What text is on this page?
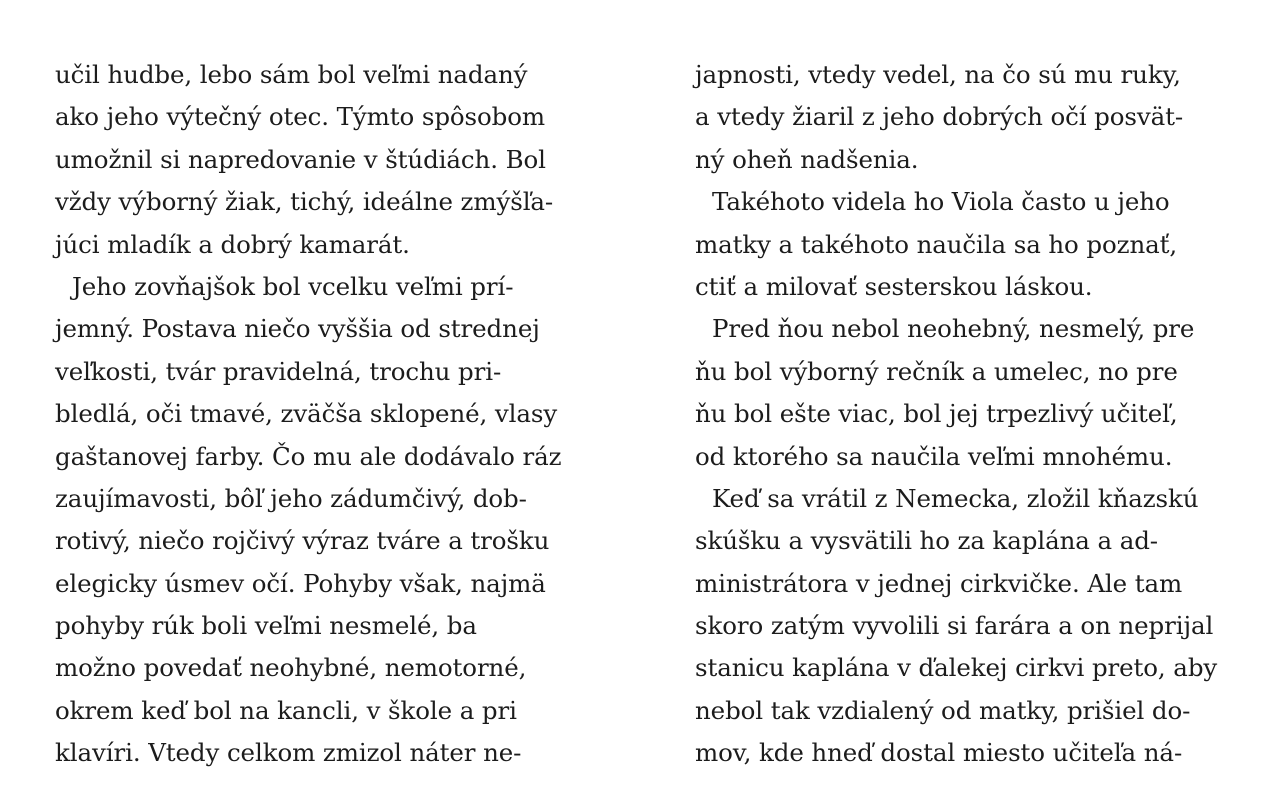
učil hudbe, lebo sám bol veľmi nadaný
ako jeho výtečný otec. Týmto spôsobom
umožnil si napredovanie v štúdiách. Bol
vždy výborný žiak, tichý, ideálne zmýšľa-
júci mladík a dobrý kamarát.
Jeho zovňajšok bol vcelku veľmi prí-
jemný. Postava niečo vyššia od strednej
veľkosti, tvár pravidelná, trochu pri-
bledlá, oči tmavé, zväčša sklopené, vlasy
gaštanovej farby. Čo mu ale dodávalo ráz
zaujímavosti, bôľ jeho zádumčivý, dob-
rotivý, niečo rojčivý výraz tváre a trošku
elegicky úsmev očí. Pohyby však, najmä
pohyby rúk boli veľmi nesmelé, ba
možno povedať neohybné, nemotorné,
okrem keď bol na kancli, v škole a pri
klavíri. Vtedy celkom zmizol náter ne-
japnosti, vtedy vedel, na čo sú mu ruky,
a vtedy žiaril z jeho dobrých očí posvät-
ný oheň nadšenia.
Takéhoto videla ho Viola často u jeho
matky a takéhoto naučila sa ho poznať,
ctiť a milovať sesterskou láskou.
Pred ňou nebol neohebný, nesmelý, pre
ňu bol výborný rečník a umelec, no pre
ňu bol ešte viac, bol jej trpezlivý učiteľ,
od ktorého sa naučila veľmi mnohému.
Keď sa vrátil z Nemecka, zložil kňazskú
skúšku a vysvätili ho za kaplána a ad-
ministrátora v jednej cirkvičke. Ale tam
skoro zatým vyvolili si farára a on neprijal
stanicu kaplána v ďalekej cirkvi preto, aby
nebol tak vzdialený od matky, prišiel do-
mov, kde hneď dostal miesto učiteľa ná-
